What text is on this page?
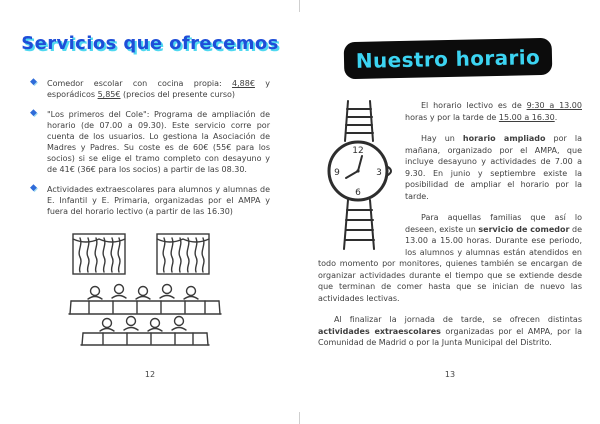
Servicios que ofrecemos
◆ Comedor escolar con cocina propia: 4,88€ y esporádicos 5,85€ (precios del presente curso)
◆ "Los primeros del Cole": Programa de ampliación de horario (de 07.00 a 09.30). Este servicio corre por cuenta de los usuarios. Lo gestiona la Asociación de Madres y Padres. Su coste es de 60€ (55€ para los socios) si se elige el tramo completo con desayuno y de 41€ (36€ para los socios) a partir de las 08.30.
◆ Actividades extraescolares para alumnos y alumnas de E. Infantil y E. Primaria, organizadas por el AMPA y fuera del horario lectivo (a partir de las 16.30)
12
Nuestro horario
12
3
6
9

El horario lectivo es de 9:30 a 13.00 horas y por la tarde de 15.00 a 16.30.

Hay un horario ampliado por la mañana, organizado por el AMPA, que incluye desayuno y actividades de 7.00 a 9.30. En junio y septiembre existe la posibilidad de ampliar el horario por la tarde.

Para aquellas familias que así lo deseen, existe un servicio de comedor de 13.00 a 15.00 horas. Durante ese periodo, los alumnos y alumnas están atendidos en todo momento por monitores, quienes también se encargan de organizar actividades durante el tiempo que se extiende desde que terminan de comer hasta que se inician de nuevo las actividades lectivas.

Al finalizar la jornada de tarde, se ofrecen distintas actividades extraescolares organizadas por el AMPA, por la Comunidad de Madrid o por la Junta Municipal del Distrito.

13
